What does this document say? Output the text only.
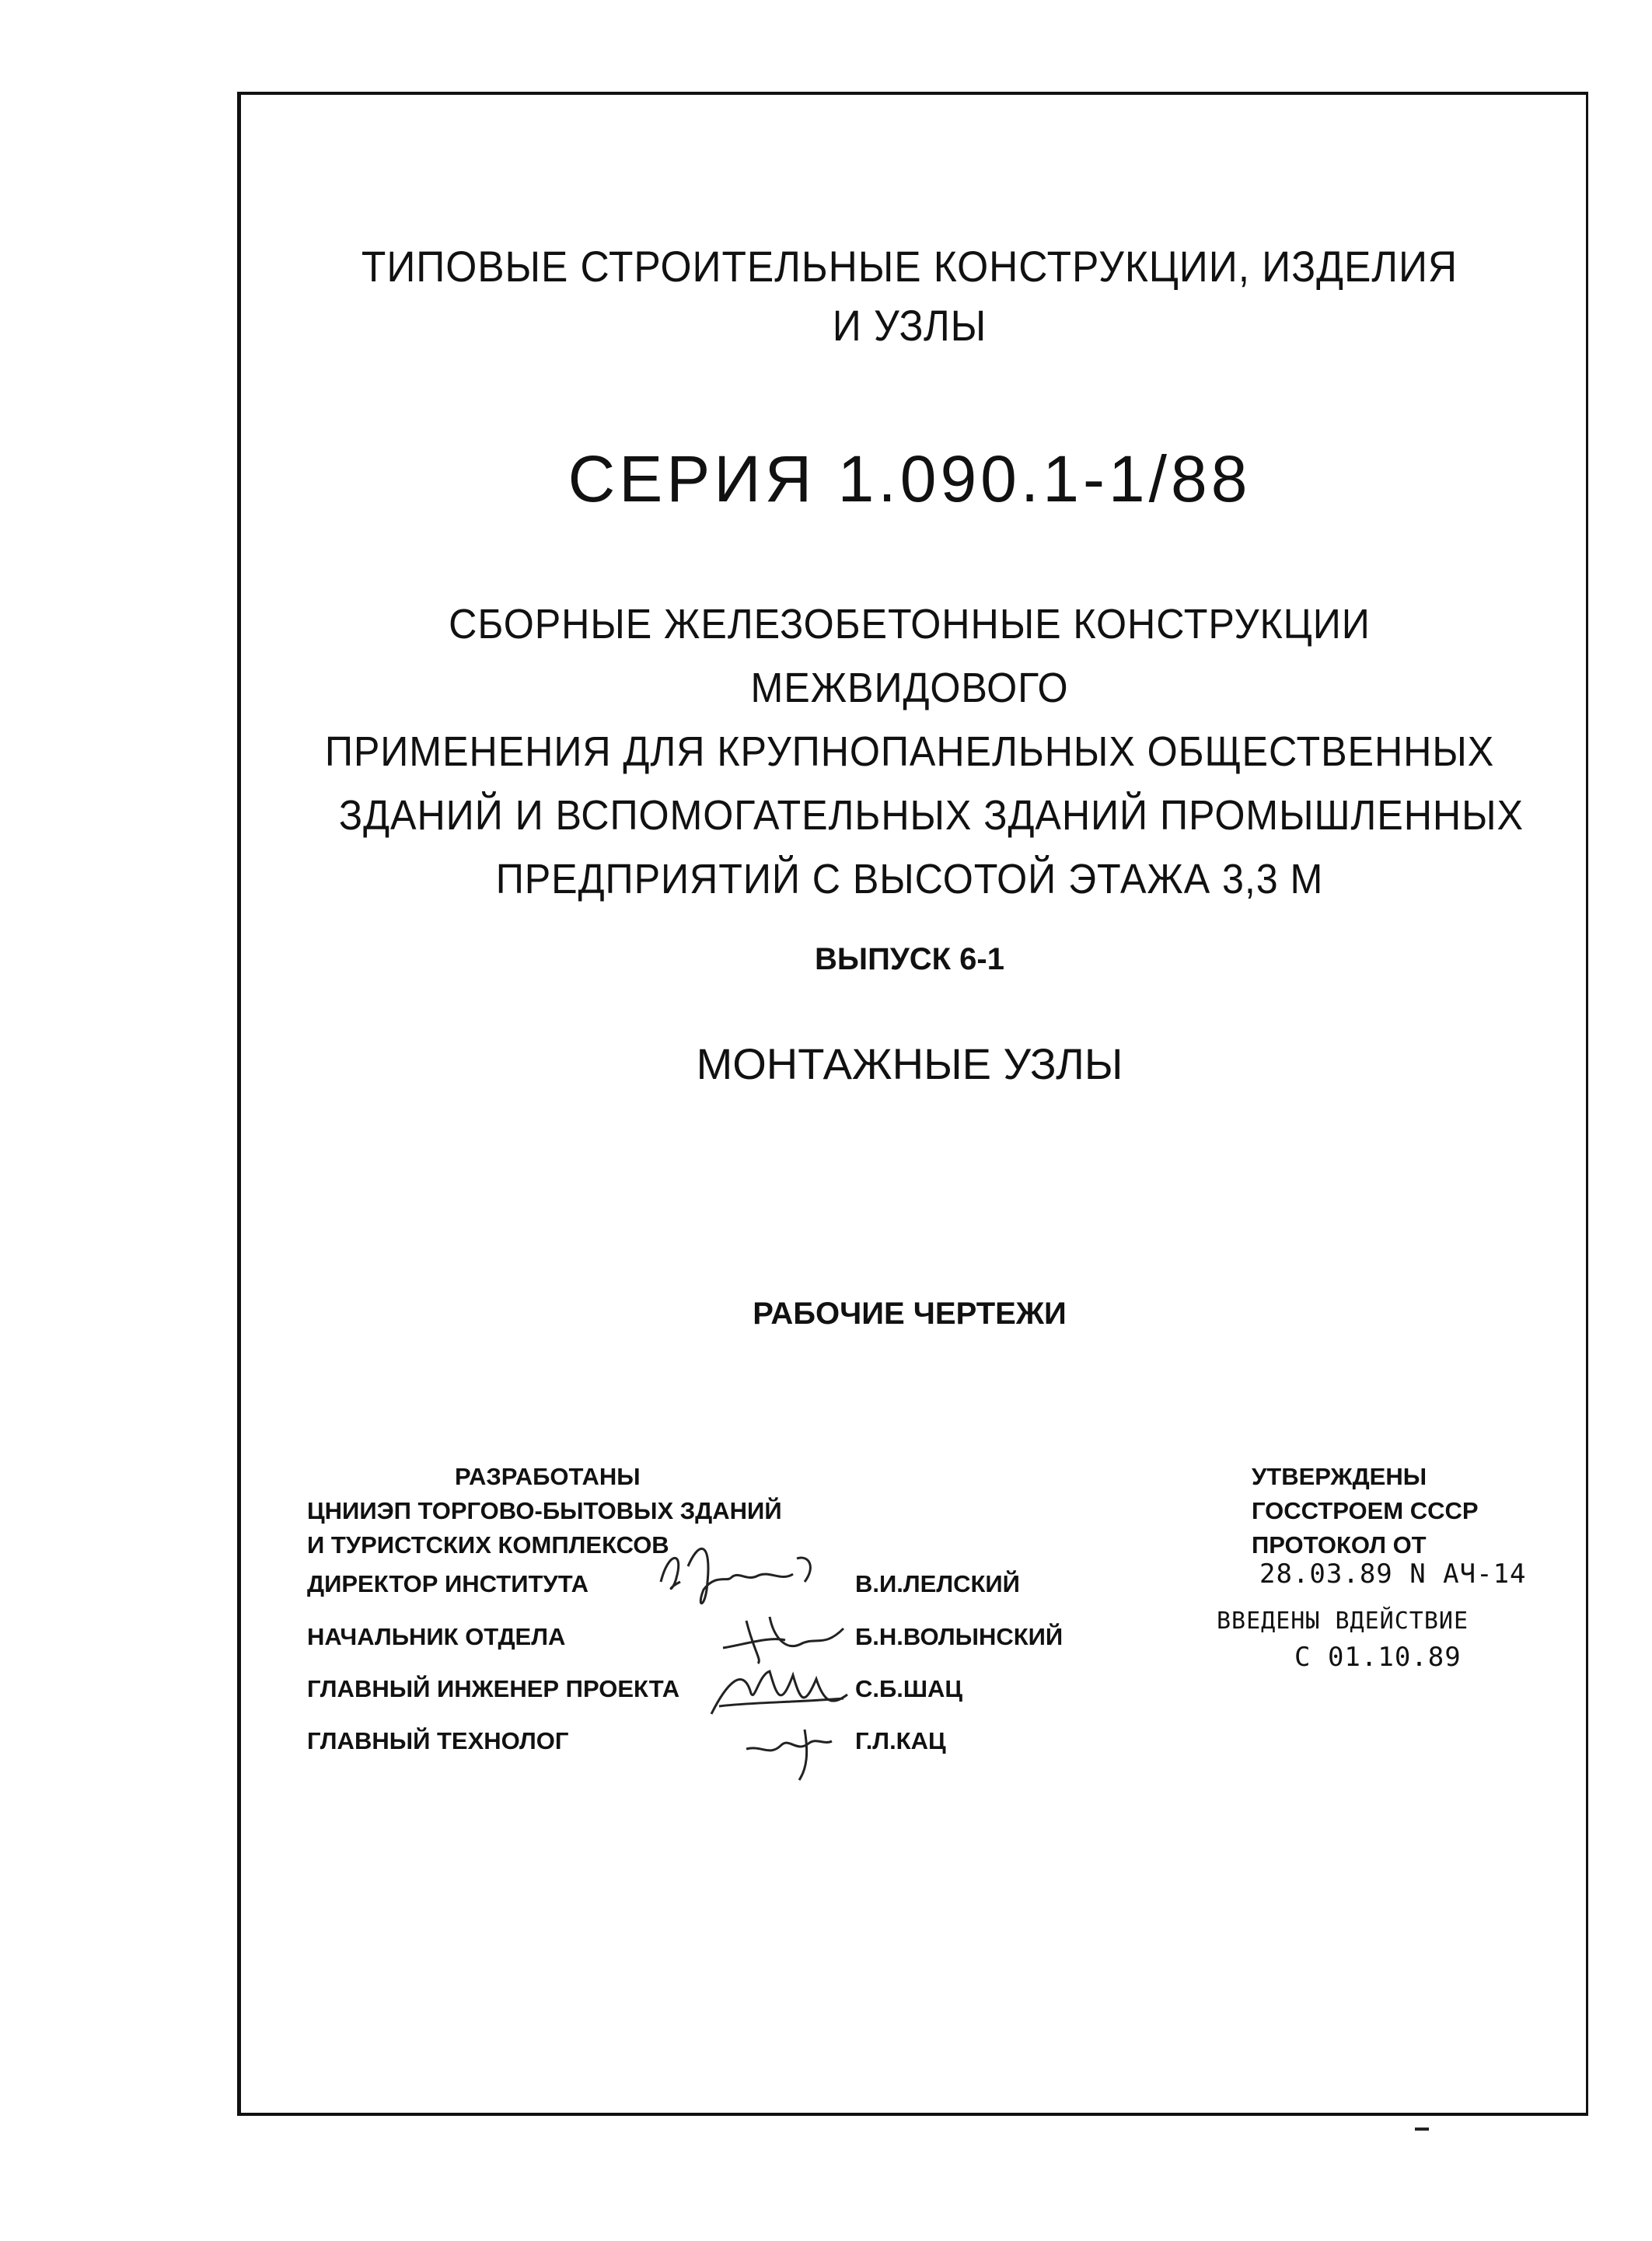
ТИПОВЫЕ СТРОИТЕЛЬНЫЕ КОНСТРУКЦИИ, ИЗДЕЛИЯ
И УЗЛЫ
СЕРИЯ 1.090.1-1/88
СБОРНЫЕ ЖЕЛЕЗОБЕТОННЫЕ КОНСТРУКЦИИ МЕЖВИДОВОГО
ПРИМЕНЕНИЯ ДЛЯ КРУПНОПАНЕЛЬНЫХ ОБЩЕСТВЕННЫХ
ЗДАНИЙ И ВСПОМОГАТЕЛЬНЫХ ЗДАНИЙ ПРОМЫШЛЕННЫХ
ПРЕДПРИЯТИЙ С ВЫСОТОЙ ЭТАЖА 3,3 М
ВЫПУСК 6-1
МОНТАЖНЫЕ УЗЛЫ
РАБОЧИЕ ЧЕРТЕЖИ
РАЗРАБОТАНЫ
ЦНИИЭП ТОРГОВО-БЫТОВЫХ ЗДАНИЙ
И ТУРИСТСКИХ КОМПЛЕКСОВ
ДИРЕКТОР ИНСТИТУТА	В.И.ЛЕЛСКИЙ
НАЧАЛЬНИК ОТДЕЛА	Б.Н.ВОЛЫНСКИЙ
ГЛАВНЫЙ ИНЖЕНЕР ПРОЕКТА	С.Б.ШАЦ
ГЛАВНЫЙ ТЕХНОЛОГ	Г.Л.КАЦ
УТВЕРЖДЕНЫ
ГОССТРОЕМ СССР
ПРОТОКОЛ ОТ
28.03.89 N АЧ-14
ВВЕДЕНЫ ВДЕЙСТВИЕ
С 01.10.89
